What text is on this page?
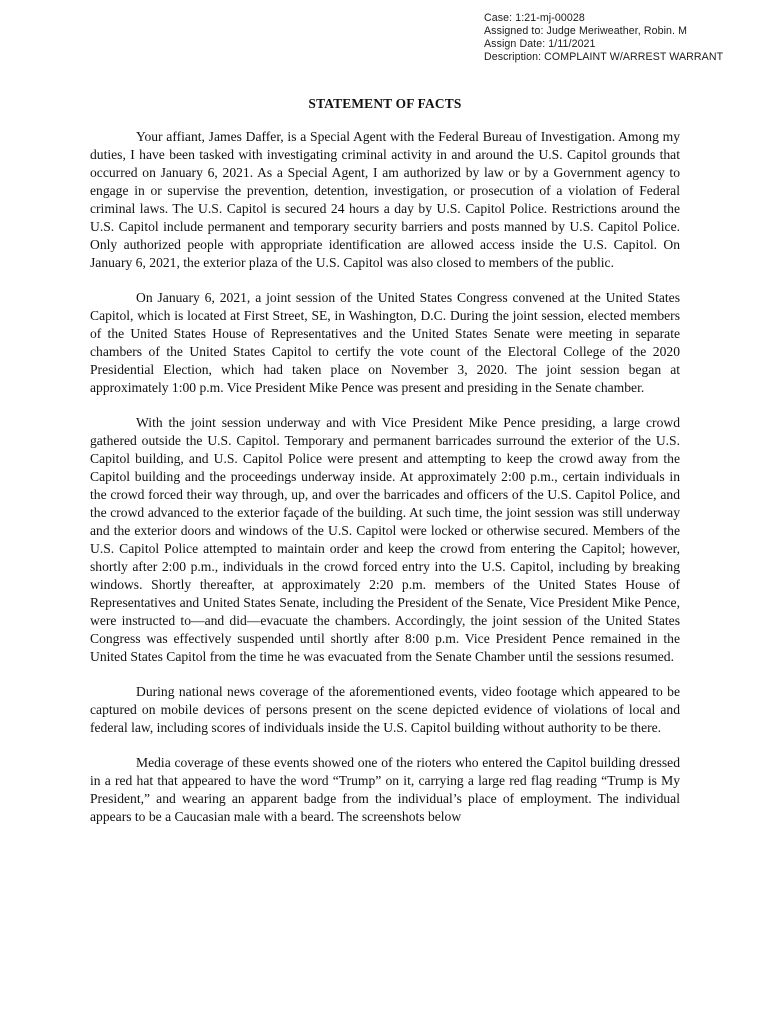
Case: 1:21-mj-00028
Assigned to: Judge Meriweather, Robin. M
Assign Date: 1/11/2021
Description: COMPLAINT W/ARREST WARRANT
STATEMENT OF FACTS

Your affiant, James Daffer, is a Special Agent with the Federal Bureau of Investigation. Among my duties, I have been tasked with investigating criminal activity in and around the U.S. Capitol grounds that occurred on January 6, 2021. As a Special Agent, I am authorized by law or by a Government agency to engage in or supervise the prevention, detention, investigation, or prosecution of a violation of Federal criminal laws. The U.S. Capitol is secured 24 hours a day by U.S. Capitol Police. Restrictions around the U.S. Capitol include permanent and temporary security barriers and posts manned by U.S. Capitol Police. Only authorized people with appropriate identification are allowed access inside the U.S. Capitol. On January 6, 2021, the exterior plaza of the U.S. Capitol was also closed to members of the public.

On January 6, 2021, a joint session of the United States Congress convened at the United States Capitol, which is located at First Street, SE, in Washington, D.C. During the joint session, elected members of the United States House of Representatives and the United States Senate were meeting in separate chambers of the United States Capitol to certify the vote count of the Electoral College of the 2020 Presidential Election, which had taken place on November 3, 2020. The joint session began at approximately 1:00 p.m. Vice President Mike Pence was present and presiding in the Senate chamber.

With the joint session underway and with Vice President Mike Pence presiding, a large crowd gathered outside the U.S. Capitol. Temporary and permanent barricades surround the exterior of the U.S. Capitol building, and U.S. Capitol Police were present and attempting to keep the crowd away from the Capitol building and the proceedings underway inside. At approximately 2:00 p.m., certain individuals in the crowd forced their way through, up, and over the barricades and officers of the U.S. Capitol Police, and the crowd advanced to the exterior façade of the building. At such time, the joint session was still underway and the exterior doors and windows of the U.S. Capitol were locked or otherwise secured. Members of the U.S. Capitol Police attempted to maintain order and keep the crowd from entering the Capitol; however, shortly after 2:00 p.m., individuals in the crowd forced entry into the U.S. Capitol, including by breaking windows. Shortly thereafter, at approximately 2:20 p.m. members of the United States House of Representatives and United States Senate, including the President of the Senate, Vice President Mike Pence, were instructed to—and did—evacuate the chambers. Accordingly, the joint session of the United States Congress was effectively suspended until shortly after 8:00 p.m. Vice President Pence remained in the United States Capitol from the time he was evacuated from the Senate Chamber until the sessions resumed.

During national news coverage of the aforementioned events, video footage which appeared to be captured on mobile devices of persons present on the scene depicted evidence of violations of local and federal law, including scores of individuals inside the U.S. Capitol building without authority to be there.

Media coverage of these events showed one of the rioters who entered the Capitol building dressed in a red hat that appeared to have the word “Trump” on it, carrying a large red flag reading “Trump is My President,” and wearing an apparent badge from the individual’s place of employment. The individual appears to be a Caucasian male with a beard. The screenshots below
